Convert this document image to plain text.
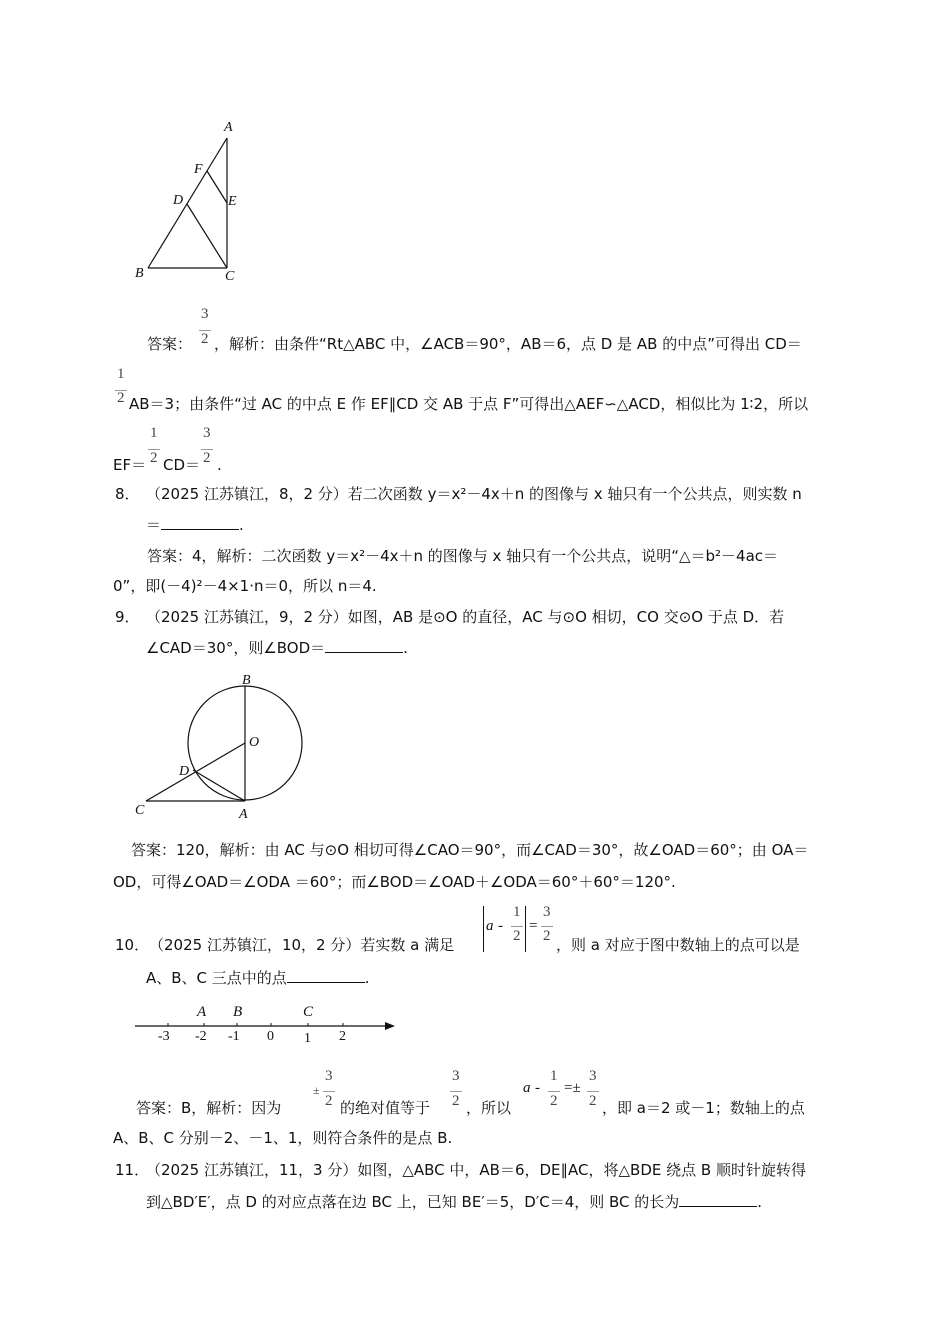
A
F
D	E
B	C
答案：
3
2 ，解析：由条件“Rt△ABC 中，∠ACB＝90°，AB＝6，点 D 是 AB 的中点”可得出 CD＝
1
2 AB＝3；由条件“过 AC 的中点 E 作 EF∥CD 交 AB 于点 F”可得出△AEF∽△ACD，相似比为 1∶2，所以
EF＝
1
2 CD＝
3
2 .
8． （2025 江苏镇江，8，2 分）若二次函数 y＝x²－4x＋n 的图像与 x 轴只有一个公共点，则实数 n
＝	.
答案：4，解析：二次函数 y＝x²－4x＋n 的图像与 x 轴只有一个公共点，说明“△＝b²－4ac＝
0”，即(－4)²－4×1·n＝0，所以 n＝4.
9． （2025 江苏镇江，9，2 分）如图，AB 是⊙O 的直径，AC 与⊙O 相切，CO 交⊙O 于点 D．若
∠CAD＝30°，则∠BOD＝	.
B
O
D
C	A
答案：120，解析：由 AC 与⊙O 相切可得∠CAO＝90°，而∠CAD＝30°，故∠OAD＝60°；由 OA＝
OD，可得∠OAD＝∠ODA ＝60°；而∠BOD＝∠OAD＋∠ODA＝60°＋60°＝120°.
10． （2025 江苏镇江，10，2 分）若实数 a 满足
a -
1
2
=
3
2 ，则 a 对应于图中数轴上的点可以是
A、B、C 三点中的点	.
A B	C
-3 -2 -1 0 1 2
答案：B，解析：因为
±
3
2 的绝对值等于
3
2 ，所以
a -
1
2
=±
3
2 ，即 a＝2 或－1；数轴上的点
A、B、C 分别－2、－1、1，则符合条件的是点 B.
11．
（2025 江苏镇江，11，3 分）如图，△ABC 中，AB＝6，DE∥AC，将△BDE 绕点 B 顺时针旋转得
到△BD′E′，点 D 的对应点落在边 BC 上，已知 BE′＝5，D′C＝4，则 BC 的长为	.
